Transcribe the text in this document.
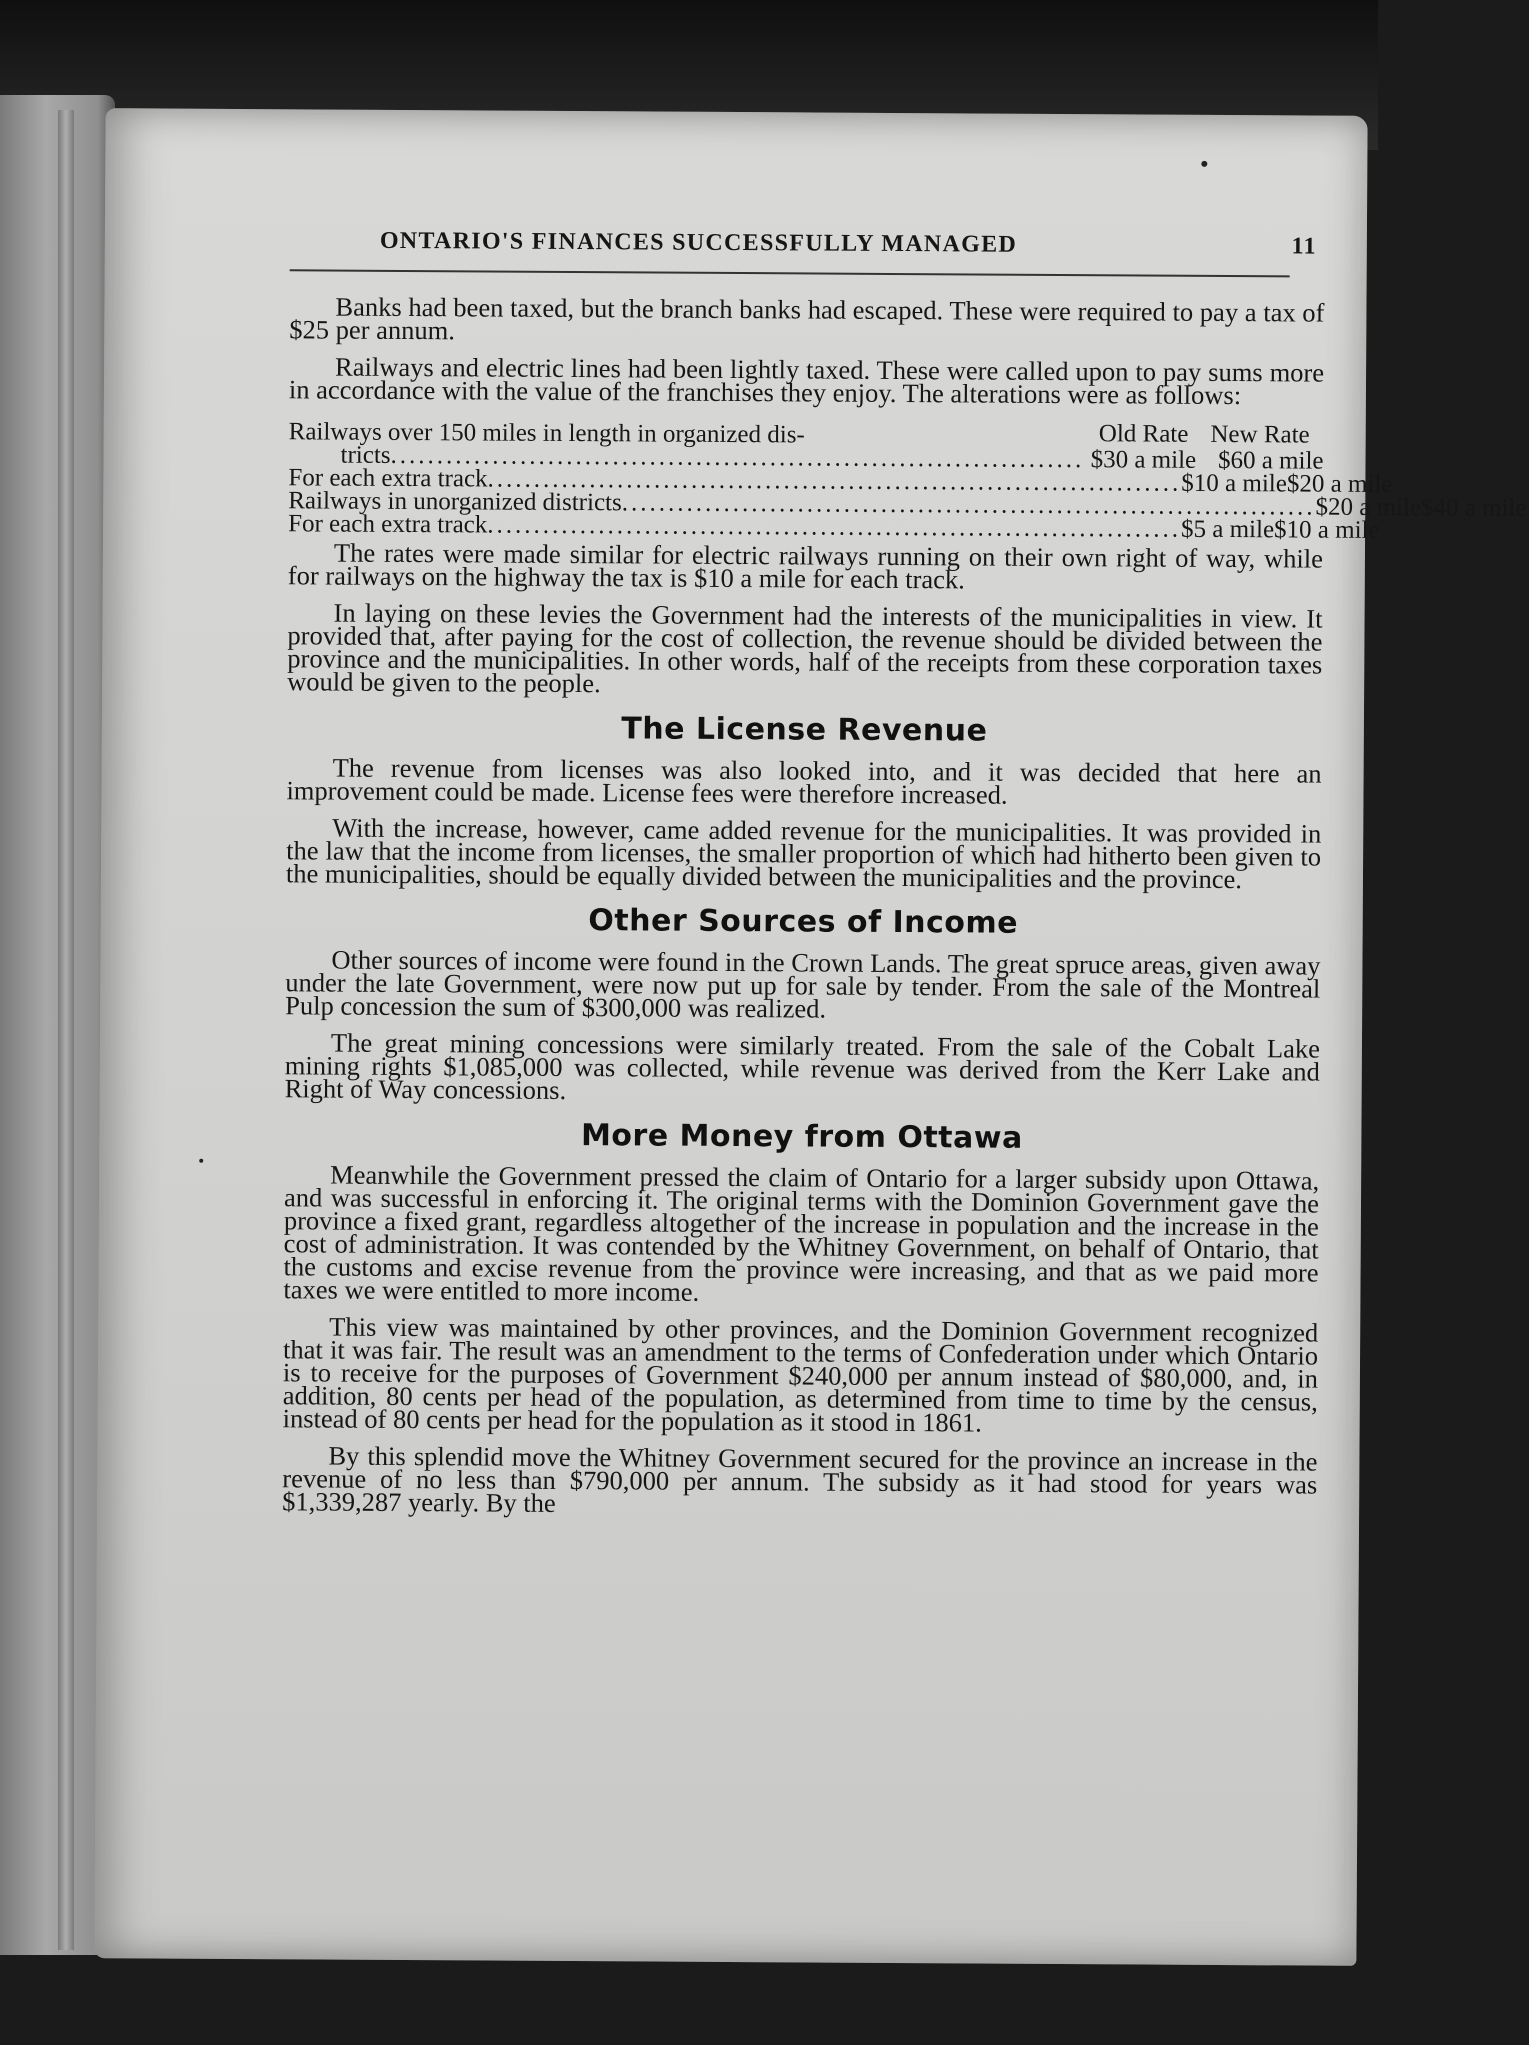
ONTARIO'S FINANCES SUCCESSFULLY MANAGED	11

Banks had been taxed, but the branch banks had escaped. These were required to pay a tax of $25 per annum.

Railways and electric lines had been lightly taxed. These were called upon to pay sums more in accordance with the value of the franchises they enjoy. The alterations were as follows:

Old Rate New Rate
Railways over 150 miles in length in organized dis-
tricts ........................................................................... $30 a mile $60 a mile
For each extra track ........................................................................... $10 a mile $20 a mile
Railways in unorganized districts ........................................................................... $20 a mile $40 a mile
For each extra track ........................................................................... $5 a mile $10 a mile

The rates were made similar for electric railways running on their own right of way, while for railways on the highway the tax is $10 a mile for each track.

In laying on these levies the Government had the interests of the municipalities in view. It provided that, after paying for the cost of collection, the revenue should be divided between the province and the municipalities. In other words, half of the receipts from these corporation taxes would be given to the people.

The License Revenue

The revenue from licenses was also looked into, and it was decided that here an improvement could be made. License fees were therefore increased.

With the increase, however, came added revenue for the municipalities. It was provided in the law that the income from licenses, the smaller proportion of which had hitherto been given to the municipalities, should be equally divided between the municipalities and the province.

Other Sources of Income

Other sources of income were found in the Crown Lands. The great spruce areas, given away under the late Government, were now put up for sale by tender. From the sale of the Montreal Pulp concession the sum of $300,000 was realized.

The great mining concessions were similarly treated. From the sale of the Cobalt Lake mining rights $1,085,000 was collected, while revenue was derived from the Kerr Lake and Right of Way concessions.

More Money from Ottawa

Meanwhile the Government pressed the claim of Ontario for a larger subsidy upon Ottawa, and was successful in enforcing it. The original terms with the Dominion Government gave the province a fixed grant, regardless altogether of the increase in population and the increase in the cost of administration. It was contended by the Whitney Government, on behalf of Ontario, that the customs and excise revenue from the province were increasing, and that as we paid more taxes we were entitled to more income.

This view was maintained by other provinces, and the Dominion Government recognized that it was fair. The result was an amendment to the terms of Confederation under which Ontario is to receive for the purposes of Government $240,000 per annum instead of $80,000, and, in addition, 80 cents per head of the population, as determined from time to time by the census, instead of 80 cents per head for the population as it stood in 1861.

By this splendid move the Whitney Government secured for the province an increase in the revenue of no less than $790,000 per annum. The subsidy as it had stood for years was $1,339,287 yearly. By the
